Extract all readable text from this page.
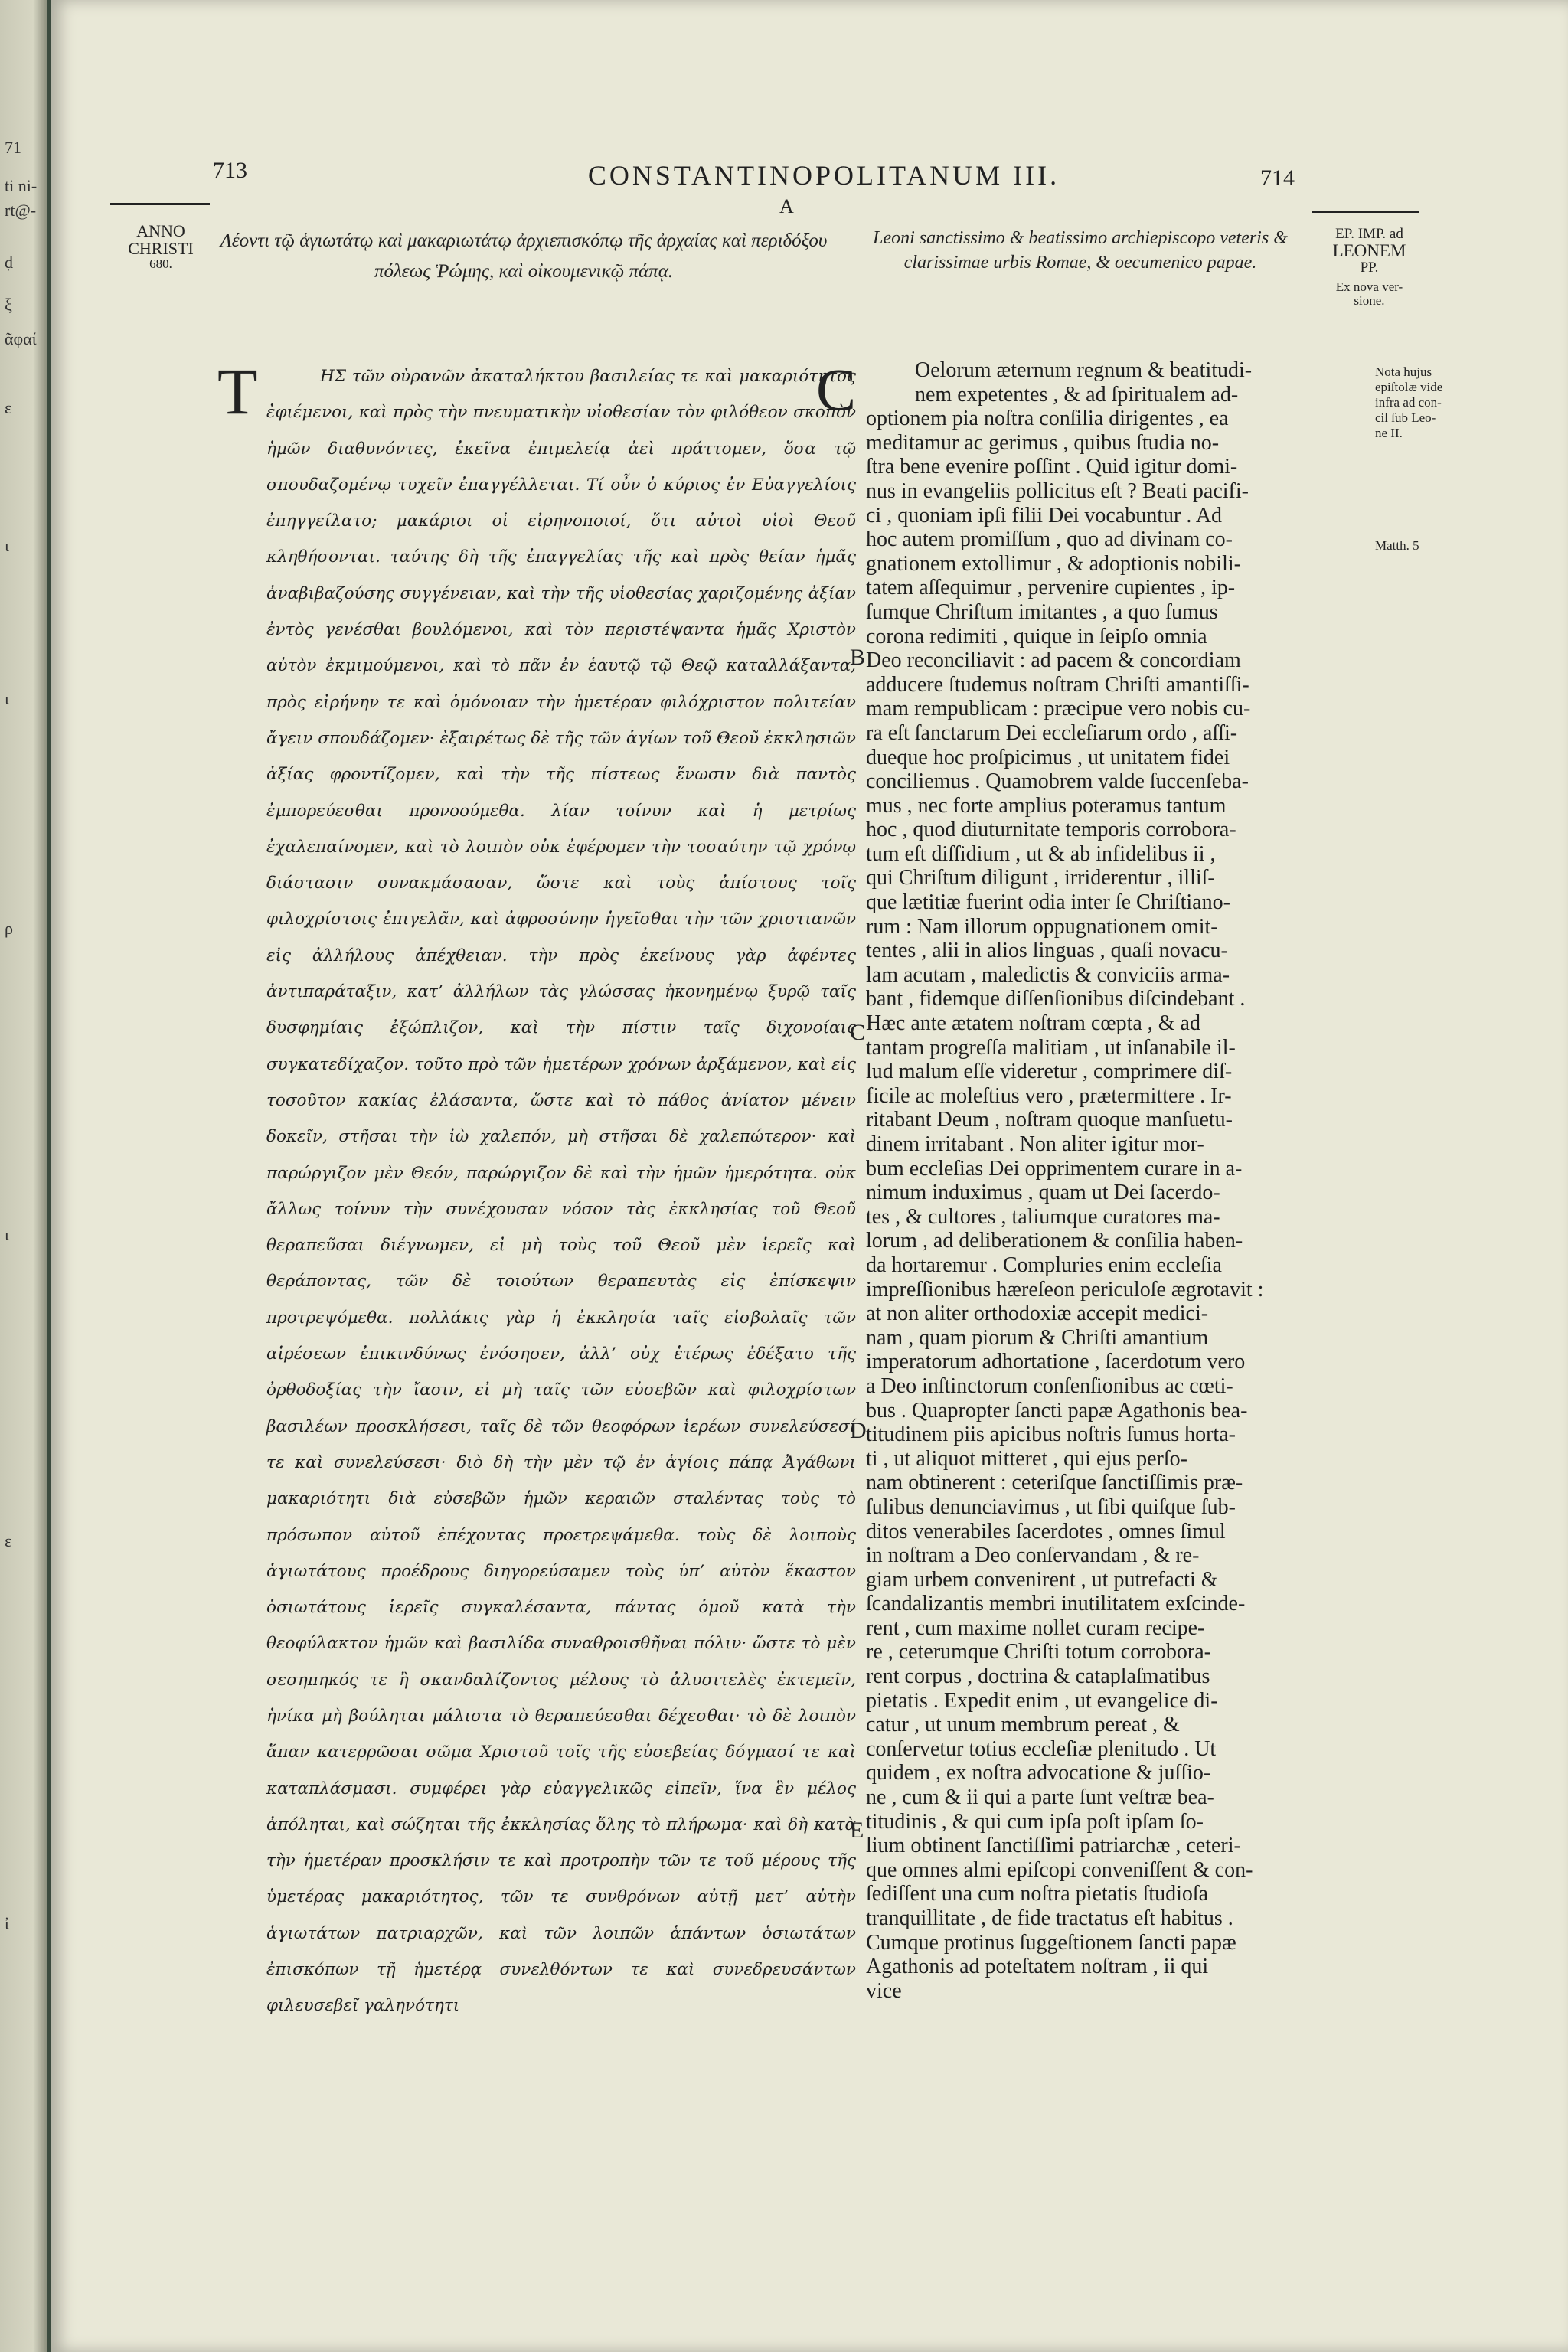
71
ti ni-
rt@-
ḍ
ξ
ᾶφαί
ε
ι
ι
ρ
ι
ε
ἰ
713	714
CONSTANTINOPOLITANUM III.
A
ANNO
CHRISTI
680.
EP. IMP. ad
LEONEM
PP.
Ex nova ver-
sione.
Λέοντι τῷ ἁγιωτάτῳ καὶ μακαριωτάτῳ ἀρχιεπισκόπῳ τῆς ἀρχαίας καὶ περιδόξου πόλεως Ῥώμης, καὶ οἰκουμενικῷ πάπᾳ.
Leoni sanctissimo & beatissimo archiepiscopo veteris & clarissimae urbis Romae, & oecumenico papae.
Τ	ΗΣ τῶν οὐρανῶν ἀκαταλήκτου βασιλείας τε καὶ μακαριότητος ἐφιέμενοι, καὶ πρὸς τὴν πνευματικὴν υἱοθεσίαν τὸν φιλόθεον σκοπὸν ἡμῶν διαθυνόντες, ἐκεῖνα ἐπιμελείᾳ ἀεὶ πράττομεν, ὅσα τῷ σπουδαζομένῳ τυχεῖν ἐπαγγέλλεται. Τί οὖν ὁ κύριος ἐν Εὐαγγελίοις ἐπηγγείλατο; μακάριοι οἱ εἰρηνοποιοί, ὅτι αὐτοὶ υἱοὶ Θεοῦ κληθήσονται. ταύτης δὴ τῆς ἐπαγγελίας τῆς καὶ πρὸς θείαν ἡμᾶς ἀναβιβαζούσης συγγένειαν, καὶ τὴν τῆς υἱοθεσίας χαριζομένης ἀξίαν ἐντὸς γενέσθαι βουλόμενοι, καὶ τὸν περιστέψαντα ἡμᾶς Χριστὸν αὐτὸν ἐκμιμούμενοι, καὶ τὸ πᾶν ἐν ἑαυτῷ τῷ Θεῷ καταλλάξαντα, πρὸς εἰρήνην τε καὶ ὁμόνοιαν τὴν ἡμετέραν φιλόχριστον πολιτείαν ἄγειν σπουδάζομεν· ἐξαιρέτως δὲ τῆς τῶν ἁγίων τοῦ Θεοῦ ἐκκλησιῶν ἀξίας φροντίζομεν, καὶ τὴν τῆς πίστεως ἕνωσιν διὰ παντὸς ἐμπορεύεσθαι προνοούμεθα. λίαν τοίνυν καὶ ἡ μετρίως ἐχαλεπαίνομεν, καὶ τὸ λοιπὸν οὐκ ἐφέρομεν τὴν τοσαύτην τῷ χρόνῳ διάστασιν συνακμάσασαν, ὥστε καὶ τοὺς ἀπίστους τοῖς φιλοχρίστοις ἐπιγελᾶν, καὶ ἀφροσύνην ἡγεῖσθαι τὴν τῶν χριστιανῶν εἰς ἀλλήλους ἀπέχθειαν. τὴν πρὸς ἐκείνους γὰρ ἀφέντες ἀντιπαράταξιν, κατ’ ἀλλήλων τὰς γλώσσας ἠκονημένῳ ξυρῷ ταῖς δυσφημίαις ἐξώπλιζον, καὶ τὴν πίστιν ταῖς διχονοίαις συγκατεδίχαζον. τοῦτο πρὸ τῶν ἡμετέρων χρόνων ἀρξάμενον, καὶ εἰς τοσοῦτον κακίας ἐλάσαντα, ὥστε καὶ τὸ πάθος ἀνίατον μένειν δοκεῖν, στῆσαι τὴν ἰὼ χαλεπόν, μὴ στῆσαι δὲ χαλεπώτερον· καὶ παρώργιζον μὲν Θεόν, παρώργιζον δὲ καὶ τὴν ἡμῶν ἡμερότητα. οὐκ ἄλλως τοίνυν τὴν συνέχουσαν νόσον τὰς ἐκκλησίας τοῦ Θεοῦ θεραπεῦσαι διέγνωμεν, εἰ μὴ τοὺς τοῦ Θεοῦ μὲν ἱερεῖς καὶ θεράποντας, τῶν δὲ τοιούτων θεραπευτὰς εἰς ἐπίσκεψιν προτρεψόμεθα. πολλάκις γὰρ ἡ ἐκκλησία ταῖς εἰσβολαῖς τῶν αἱρέσεων ἐπικινδύνως ἐνόσησεν, ἀλλ’ οὐχ ἑτέρως ἐδέξατο τῆς ὀρθοδοξίας τὴν ἴασιν, εἰ μὴ ταῖς τῶν εὐσεβῶν καὶ φιλοχρίστων βασιλέων προσκλήσεσι, ταῖς δὲ τῶν θεοφόρων ἱερέων συνελεύσεσί τε καὶ συνελεύσεσι· διὸ δὴ τὴν μὲν τῷ ἐν ἁγίοις πάπᾳ Ἀγάθωνι μακαριότητι διὰ εὐσεβῶν ἡμῶν κεραιῶν σταλέντας τοὺς τὸ πρόσωπον αὐτοῦ ἐπέχοντας προετρεψάμεθα. τοὺς δὲ λοιποὺς ἁγιωτάτους προέδρους διηγορεύσαμεν τοὺς ὑπ’ αὐτὸν ἕκαστον ὁσιωτάτους ἱερεῖς συγκαλέσαντα, πάντας ὁμοῦ κατὰ τὴν θεοφύλακτον ἡμῶν καὶ βασιλίδα συναθροισθῆναι πόλιν· ὥστε τὸ μὲν σεσηπηκός τε ἢ σκανδαλίζοντος μέλους τὸ ἀλυσιτελὲς ἐκτεμεῖν, ἡνίκα μὴ βούληται μάλιστα τὸ θεραπεύεσθαι δέχεσθαι· τὸ δὲ λοιπὸν ἅπαν κατερρῶσαι σῶμα Χριστοῦ τοῖς τῆς εὐσεβείας δόγμασί τε καὶ καταπλάσμασι. συμφέρει γὰρ εὐαγγελικῶς εἰπεῖν, ἵνα ἓν μέλος ἀπόληται, καὶ σώζηται τῆς ἐκκλησίας ὅλης τὸ πλήρωμα· καὶ δὴ κατὰ τὴν ἡμετέραν προσκλήσιν τε καὶ προτροπὴν τῶν τε τοῦ μέρους τῆς ὑμετέρας μακαριότητος, τῶν τε συνθρόνων αὐτῇ μετ’ αὐτὴν ἁγιωτάτων πατριαρχῶν, καὶ τῶν λοιπῶν ἁπάντων ὁσιωτάτων ἐπισκόπων τῇ ἡμετέρᾳ συνελθόντων τε καὶ συνεδρευσάντων φιλευσεβεῖ γαληνότητι
C	Oelorum æternum regnum & beatitudi-
nem expetentes , & ad ſpiritualem ad-
optionem pia noſtra conſilia dirigentes , ea
meditamur ac gerimus , quibus ſtudia no-
ſtra bene evenire poſſint . Quid igitur domi-
nus in evangeliis pollicitus eſt ? Beati pacifi-
ci , quoniam ipſi filii Dei vocabuntur . Ad
hoc autem promiſſum , quo ad divinam co-
gnationem extollimur , & adoptionis nobili-
tatem aſſequimur , pervenire cupientes , ip-
ſumque Chriſtum imitantes , a quo ſumus
corona redimiti , quique in ſeipſo omnia
Deo reconciliavit : ad pacem & concordiam
adducere ſtudemus noſtram Chriſti amantiſſi-
mam rempublicam : præcipue vero nobis cu-
ra eſt ſanctarum Dei eccleſiarum ordo , aſſi-
dueque hoc proſpicimus , ut unitatem fidei
conciliemus . Quamobrem valde ſuccenſeba-
mus , nec forte amplius poteramus tantum
hoc , quod diuturnitate temporis corrobora-
tum eſt diſſidium , ut & ab infidelibus ii ,
qui Chriſtum diligunt , irriderentur , illiſ-
que lætitiæ fuerint odia inter ſe Chriſtiano-
rum : Nam illorum oppugnationem omit-
tentes , alii in alios linguas , quaſi novacu-
lam acutam , maledictis & conviciis arma-
bant , fidemque diſſenſionibus diſcindebant .
Hæc ante ætatem noſtram cœpta , & ad
tantam progreſſa malitiam , ut inſanabile il-
lud malum eſſe videretur , comprimere diſ-
ficile ac moleſtius vero , prætermittere . Ir-
ritabant Deum , noſtram quoque manſuetu-
dinem irritabant . Non aliter igitur mor-
bum eccleſias Dei opprimentem curare in a-
nimum induximus , quam ut Dei ſacerdo-
tes , & cultores , taliumque curatores ma-
lorum , ad deliberationem & conſilia haben-
da hortaremur . Compluries enim eccleſia
impreſſionibus hæreſeon periculoſe ægrotavit :
at non aliter orthodoxiæ accepit medici-
nam , quam piorum & Chriſti amantium
imperatorum adhortatione , ſacerdotum vero
a Deo inſtinctorum conſenſionibus ac cœti-
bus . Quapropter ſancti papæ Agathonis bea-
titudinem piis apicibus noſtris ſumus horta-
ti , ut aliquot mitteret , qui ejus perſo-
nam obtinerent : ceteriſque ſanctiſſimis præ-
ſulibus denunciavimus , ut ſibi quiſque ſub-
ditos venerabiles ſacerdotes , omnes ſimul
in noſtram a Deo conſervandam , & re-
giam urbem convenirent , ut putrefacti &
ſcandalizantis membri inutilitatem exſcinde-
rent , cum maxime nollet curam recipe-
re , ceterumque Chriſti totum corrobora-
rent corpus , doctrina & cataplaſmatibus
pietatis . Expedit enim , ut evangelice di-
catur , ut unum membrum pereat , &
conſervetur totius eccleſiæ plenitudo . Ut
quidem , ex noſtra advocatione & juſſio-
ne , cum & ii qui a parte ſunt veſtræ bea-
titudinis , & qui cum ipſa poſt ipſam ſo-
lium obtinent ſanctiſſimi patriarchæ , ceteri-
que omnes almi epiſcopi conveniſſent & con-
ſediſſent una cum noſtra pietatis ſtudioſa
tranquillitate , de fide tractatus eſt habitus .
Cumque protinus ſuggeſtionem ſancti papæ
Agathonis ad poteſtatem noſtram , ii qui
vice
B
C
D
E
Nota hujus epiſtolæ vide infra ad con-cil ſub Leo-ne II.
Matth. 5
